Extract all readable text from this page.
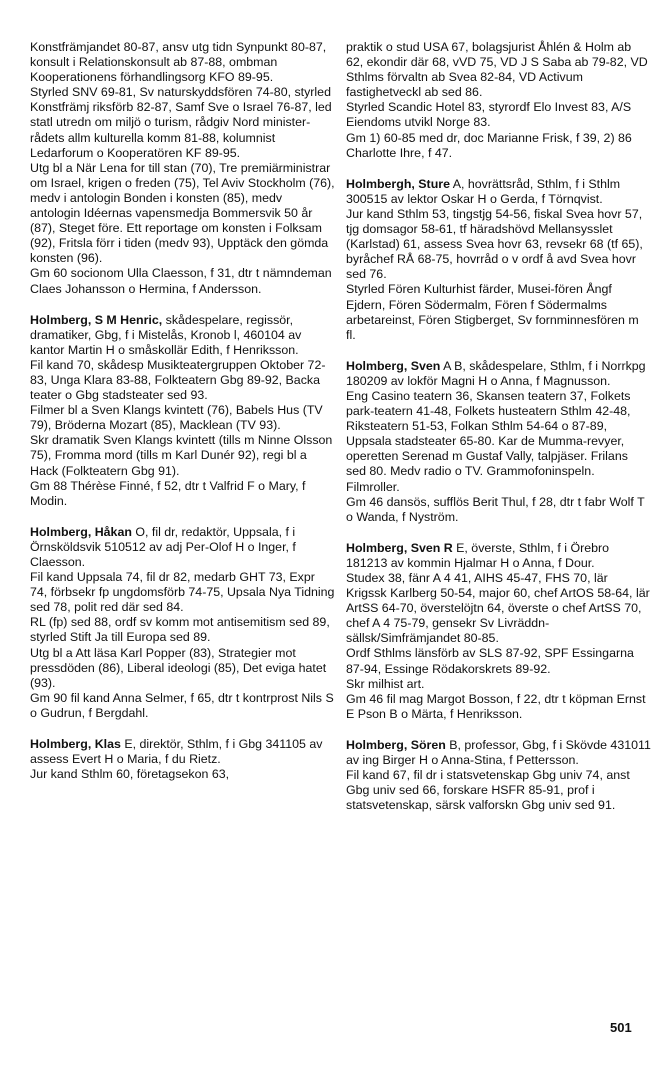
Konstfrämjandet 80-87, ansv utg tidn Synpunkt 80-87, konsult i Relationskonsult ab 87-88, ombman Kooperationens förhandlingsorg KFO 89-95.

Styrled SNV 69-81, Sv naturskyddsfören 74-80, styrled Konstfrämj riksförb 82-87, Samf Sve o Israel 76-87, led statl utredn om miljö o turism, rådgiv Nord minister-rådets allm kulturella komm 81-88, kolumnist Ledarforum o Kooperatören KF 89-95.

Utg bl a När Lena for till stan (70), Tre premiärministrar om Israel, krigen o freden (75), Tel Aviv Stockholm (76), medv i antologin Bonden i konsten (85), medv antologin Idéernas vapensmedja Bommersvik 50 år (87), Steget före. Ett reportage om konsten i Folksam (92), Fritsla förr i tiden (medv 93), Upptäck den gömda konsten (96).

Gm 60 socionom Ulla Claesson, f 31, dtr t nämndeman Claes Johansson o Hermina, f Andersson.

Holmberg, S M Henric, skådespelare, regissör, dramatiker, Gbg, f i Mistelås, Kronob l, 460104 av kantor Martin H o småskollär Edith, f Henriksson.

Fil kand 70, skådesp Musikteatergruppen Oktober 72-83, Unga Klara 83-88, Folkteatern Gbg 89-92, Backa teater o Gbg stadsteater sed 93.

Filmer bl a Sven Klangs kvintett (76), Babels Hus (TV 79), Bröderna Mozart (85), Macklean (TV 93).

Skr dramatik Sven Klangs kvintett (tills m Ninne Olsson 75), Fromma mord (tills m Karl Dunér 92), regi bl a Hack (Folkteatern Gbg 91).

Gm 88 Thérèse Finné, f 52, dtr t Valfrid F o Mary, f Modin.

Holmberg, Håkan O, fil dr, redaktör, Uppsala, f i Örnsköldsvik 510512 av adj Per-Olof H o Inger, f Claesson.

Fil kand Uppsala 74, fil dr 82, medarb GHT 73, Expr 74, förbsekr fp ungdomsförb 74-75, Upsala Nya Tidning sed 78, polit red där sed 84.

RL (fp) sed 88, ordf sv komm mot antisemitism sed 89, styrled Stift Ja till Europa sed 89.

Utg bl a Att läsa Karl Popper (83), Strategier mot pressdöden (86), Liberal ideologi (85), Det eviga hatet (93).

Gm 90 fil kand Anna Selmer, f 65, dtr t kontrprost Nils S o Gudrun, f Bergdahl.

Holmberg, Klas E, direktör, Sthlm, f i Gbg 341105 av assess Evert H o Maria, f du Rietz.

Jur kand Sthlm 60, företagsekon 63,

praktik o stud USA 67, bolagsjurist Åhlén & Holm ab 62, ekondir där 68, vVD 75, VD J S Saba ab 79-82, VD Sthlms förvaltn ab Svea 82-84, VD Activum fastighetveckl ab sed 86.

Styrled Scandic Hotel 83, styrordf Elo Invest 83, A/S Eiendoms utvikl Norge 83.

Gm 1) 60-85 med dr, doc Marianne Frisk, f 39, 2) 86 Charlotte Ihre, f 47.

Holmbergh, Sture A, hovrättsråd, Sthlm, f i Sthlm 300515 av lektor Oskar H o Gerda, f Törnqvist.

Jur kand Sthlm 53, tingstjg 54-56, fiskal Svea hovr 57, tjg domsagor 58-61, tf häradshövd Mellansysslet (Karlstad) 61, assess Svea hovr 63, revsekr 68 (tf 65), byråchef RÅ 68-75, hovrråd o v ordf å avd Svea hovr sed 76.

Styrled Fören Kulturhist färder, Musei-fören Ångf Ejdern, Fören Södermalm, Fören f Södermalms arbetareinst, Fören Stigberget, Sv fornminnesfören m fl.

Holmberg, Sven A B, skådespelare, Sthlm, f i Norrkpg 180209 av lokför Magni H o Anna, f Magnusson.

Eng Casino teatern 36, Skansen teatern 37, Folkets park-teatern 41-48, Folkets husteatern Sthlm 42-48, Riksteatern 51-53, Folkan Sthlm 54-64 o 87-89, Uppsala stadsteater 65-80. Kar de Mumma-revyer, operetten Serenad m Gustaf Vally, talpjäser. Frilans sed 80. Medv radio o TV. Grammofoninspeln. Filmroller.

Gm 46 dansös, sufflös Berit Thul, f 28, dtr t fabr Wolf T o Wanda, f Nyström.

Holmberg, Sven R E, överste, Sthlm, f i Örebro 181213 av kommin Hjalmar H o Anna, f Dour.

Studex 38, fänr A 4 41, AIHS 45-47, FHS 70, lär Krigssk Karlberg 50-54, major 60, chef ArtOS 58-64, lär ArtSS 64-70, överstelöjtn 64, överste o chef ArtSS 70, chef A 4 75-79, gensekr Sv Livräddn-sällsk/Simfrämjandet 80-85.

Ordf Sthlms länsförb av SLS 87-92, SPF Essingarna 87-94, Essinge Rödakorskrets 89-92.

Skr milhist art.

Gm 46 fil mag Margot Bosson, f 22, dtr t köpman Ernst E Pson B o Märta, f Henriksson.

Holmberg, Sören B, professor, Gbg, f i Skövde 431011 av ing Birger H o Anna-Stina, f Pettersson.

Fil kand 67, fil dr i statsvetenskap Gbg univ 74, anst Gbg univ sed 66, forskare HSFR 85-91, prof i statsvetenskap, särsk valforskn Gbg univ sed 91.

501
